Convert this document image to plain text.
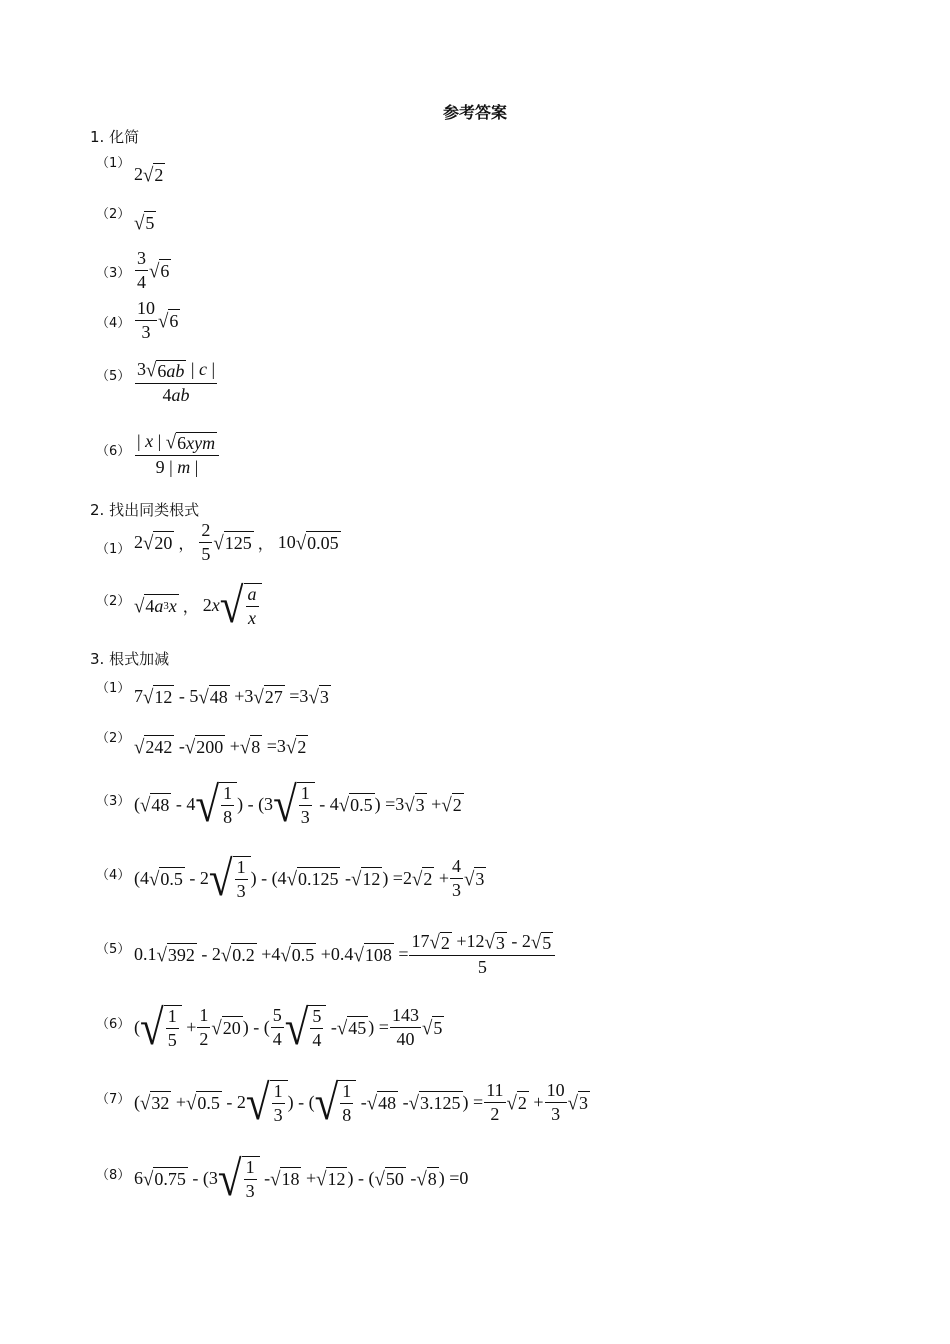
参考答案
1. 化简
（1）
2 √ 2
（2） √ 5
（3）
3
4 √ 6
（4）
10
3 √ 6
（5） 3 √ 6 ab | c |
4ab
（6）
| x | √ 6 xym
9 | m |
2. 找出同类根式
（1） 2 √ 20 ，
2
5 √ 125 ， 10 √ 0.05
（2） √ 4 a 3 x ， 2 x √ a
x
3. 根式加减
（1） 7 √ 12 - 5 √ 48 +3 √ 27 =3 √ 3
（2） √ 242 - √ 200 + √ 8 =3 √ 2
（3） ( √ 48 - 4 √ 1
8
) - (3 √ 1
3
- 4 √ 0.5 ) =3 √ 3 + √ 2
（4） (4 √ 0.5 - 2 √ 1
3
) - (4 √ 0.125 - √ 12 ) =2 √ 2 +
4
3 √ 3
（5） 0.1 √ 392 - 2 √ 0.2 +4 √ 0.5 +0.4 √ 108 =
17 √ 2 +12 √ 3 - 2 √ 5
5
（6） ( √ 1
5
+
1
2 √ 20 ) - (
5
4 √ 5
4
- √ 45 ) =
143
40 √ 5
（7） ( √ 32 + √ 0.5 - 2 √ 1
3
) - ( √ 1
8
- √ 48 - √ 3.125 ) =
11
2 √ 2 +
10
3 √ 3
（8） 6 √ 0.75 - (3 √ 1
3
- √ 18 + √ 12 ) - ( √ 50 - √ 8 ) =0
